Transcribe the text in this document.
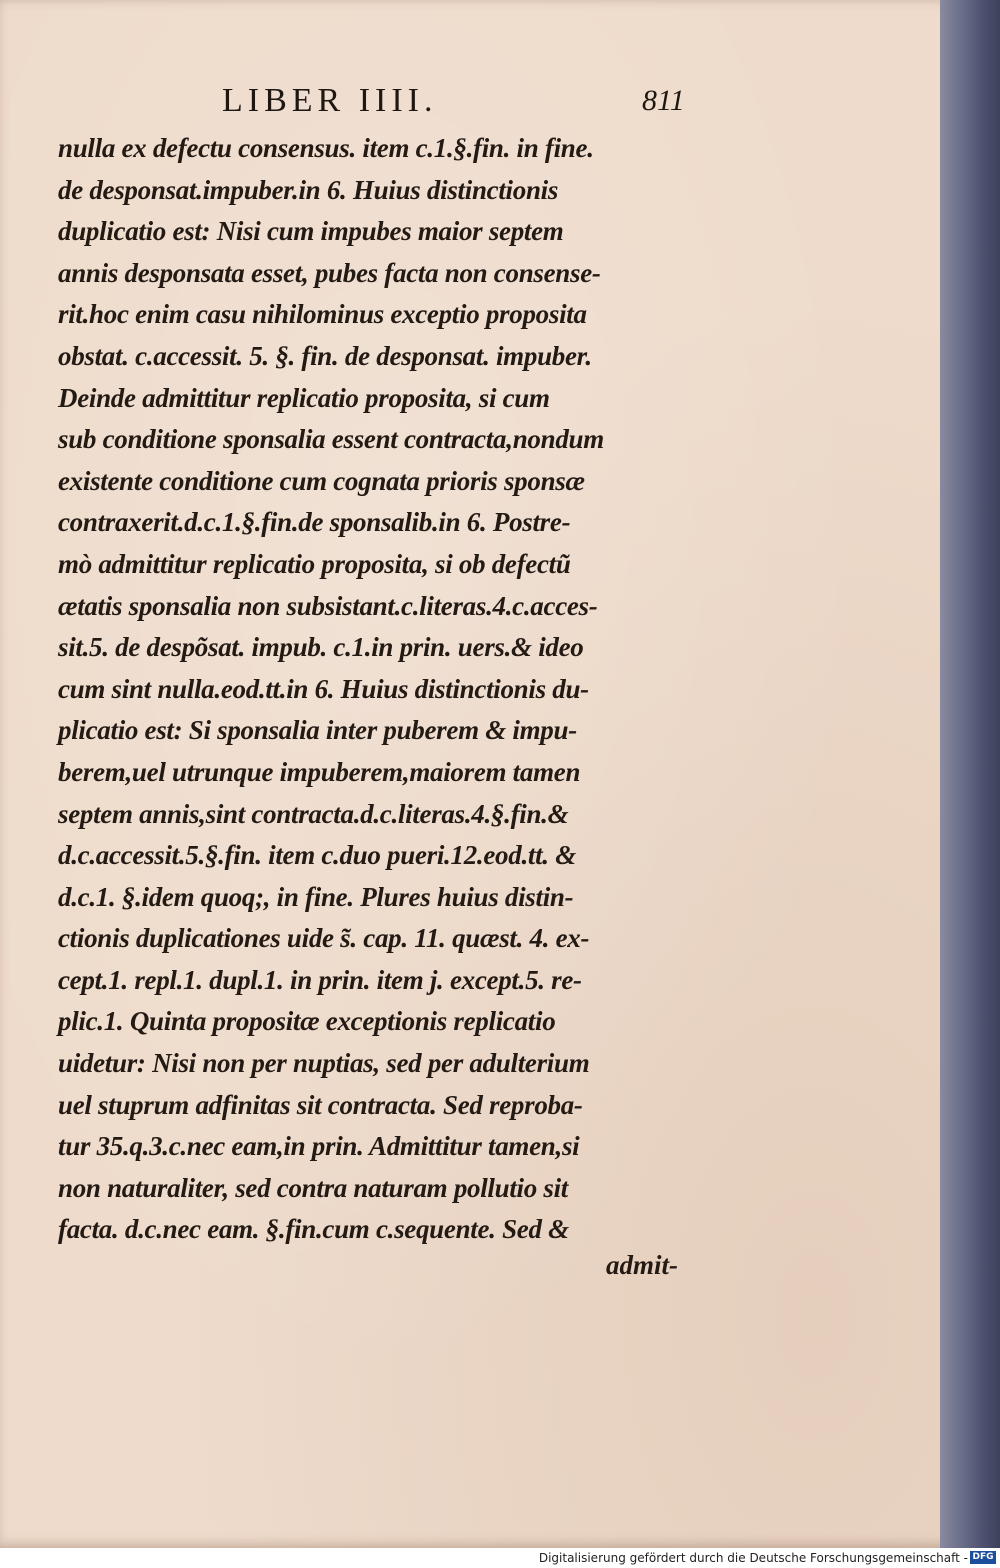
LIBER IIII.	811
nulla ex defectu consensus. item c.1.§.fin. in fine.
de desponsat.impuber.in 6. Huius distinctionis
duplicatio est: Nisi cum impubes maior septem
annis desponsata esset, pubes facta non consense-
rit.hoc enim casu nihilominus exceptio proposita
obstat. c.accessit. 5. §. fin. de desponsat. impuber.
Deinde admittitur replicatio proposita, si cum
sub conditione sponsalia essent contracta,nondum
existente conditione cum cognata prioris sponsæ
contraxerit.d.c.1.§.fin.de sponsalib.in 6. Postre-
mò admittitur replicatio proposita, si ob defectũ
ætatis sponsalia non subsistant.c.literas.4.c.acces-
sit.5. de despõsat. impub. c.1.in prin. uers.& ideo
cum sint nulla.eod.tt.in 6. Huius distinctionis du-
plicatio est: Si sponsalia inter puberem & impu-
berem,uel utrunque impuberem,maiorem tamen
septem annis,sint contracta.d.c.literas.4.§.fin.&
d.c.accessit.5.§.fin. item c.duo pueri.12.eod.tt. &
d.c.1. §.idem quoq;, in fine. Plures huius distin-
ctionis duplicationes uide s̃. cap. 11. quæst. 4. ex-
cept.1. repl.1. dupl.1. in prin. item j. except.5. re-
plic.1. Quinta propositæ exceptionis replicatio
uidetur: Nisi non per nuptias, sed per adulterium
uel stuprum adfinitas sit contracta. Sed reproba-
tur 35.q.3.c.nec eam,in prin. Admittitur tamen,si
non naturaliter, sed contra naturam pollutio sit
facta. d.c.nec eam. §.fin.cum c.sequente. Sed &
admit-
Digitalisierung gefördert durch die Deutsche Forschungsgemeinschaft - DFG
